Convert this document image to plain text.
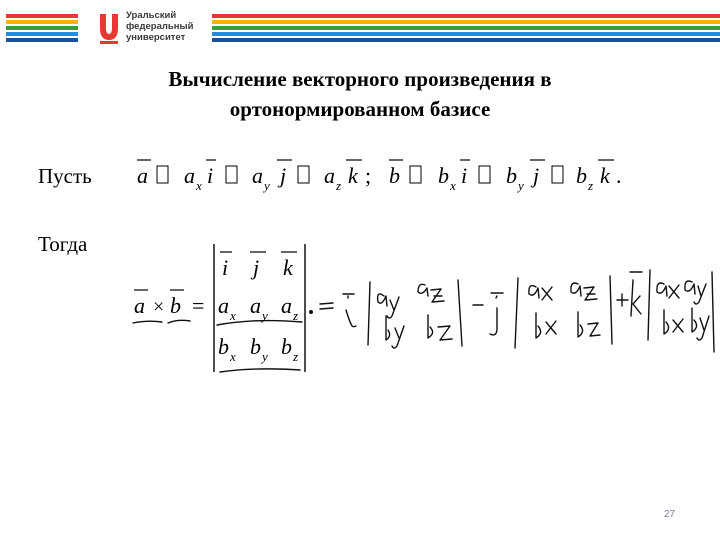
Уральский
федеральный
университет
Вычисление векторного произведения в
ортонормированном базисе
Пусть
Тогда
a a x i a y j a z k ; b b x i b y j b z k .
a × b =
i j k
a x a y a z
b x b y b z
27
